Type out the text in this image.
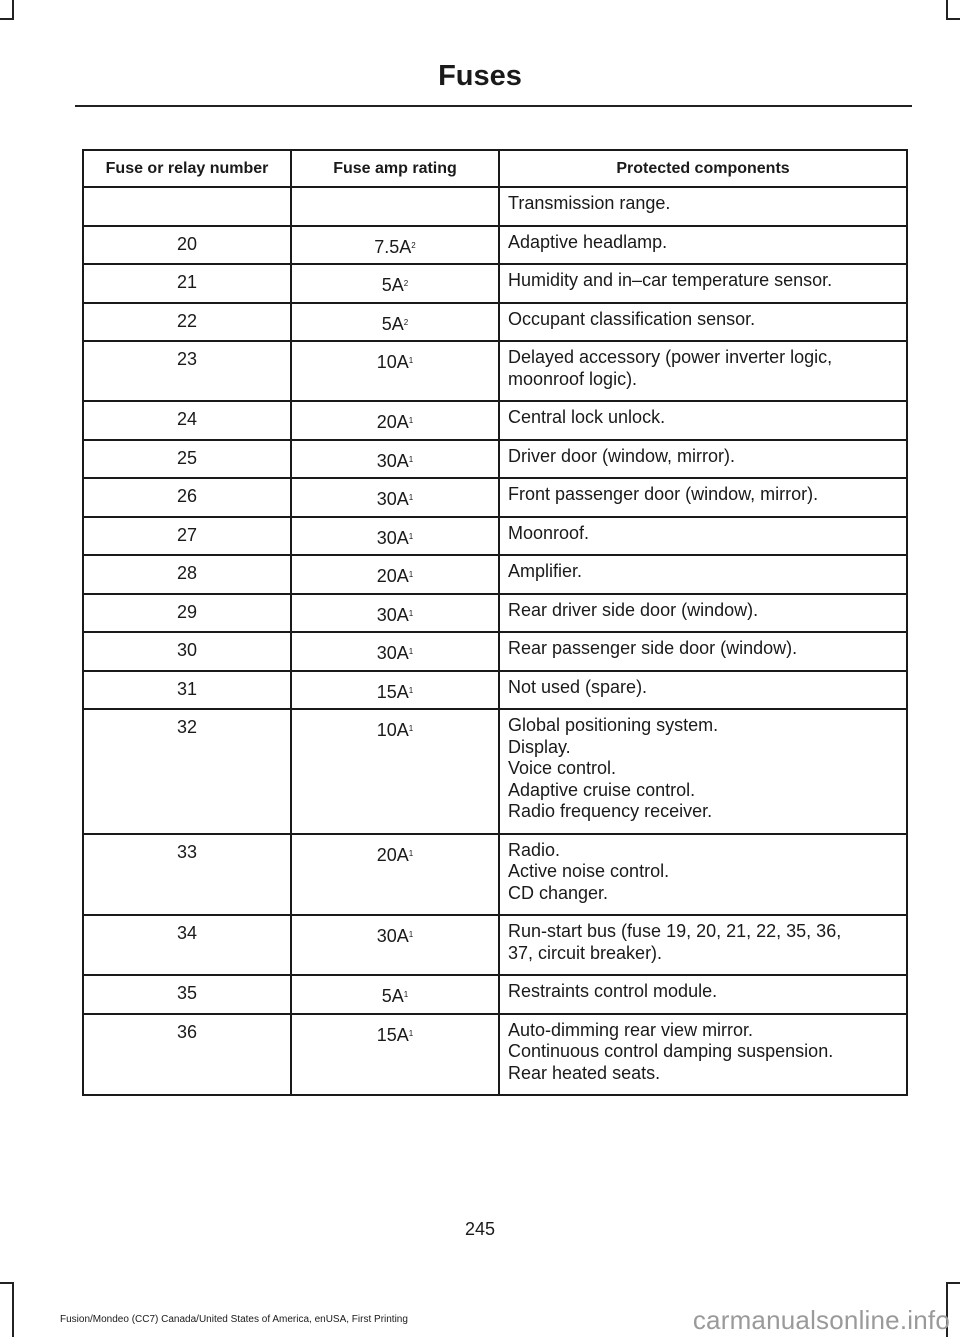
Fuses
Fuse or relay number	Fuse amp rating	Protected components

		Transmission range.

20	$7.5A^2$	Adaptive headlamp.

21	$5A^2$	Humidity and in–car temperature sensor.

22	$5A^2$	Occupant classification sensor.

23	$10A^1$	Delayed accessory (power inverter logic,
moonroof logic).

24	$20A^1$	Central lock unlock.

25	$30A^1$	Driver door (window, mirror).

26	$30A^1$	Front passenger door (window, mirror).

27	$30A^1$	Moonroof.

28	$20A^1$	Amplifier.

29	$30A^1$	Rear driver side door (window).

30	$30A^1$	Rear passenger side door (window).

31	$15A^1$	Not used (spare).

32	$10A^1$	Global positioning system.
Display.
Voice control.
Adaptive cruise control.
Radio frequency receiver.

33	$20A^1$	Radio.
Active noise control.
CD changer.

34	$30A^1$	Run-start bus (fuse 19, 20, 21, 22, 35, 36,
37, circuit breaker).

35	$5A^1$	Restraints control module.

36	$15A^1$	Auto-dimming rear view mirror.
Continuous control damping suspension.
Rear heated seats.
245
Fusion/Mondeo (CC7) Canada/United States of America, enUSA, First Printing	carmanualsonline.info
